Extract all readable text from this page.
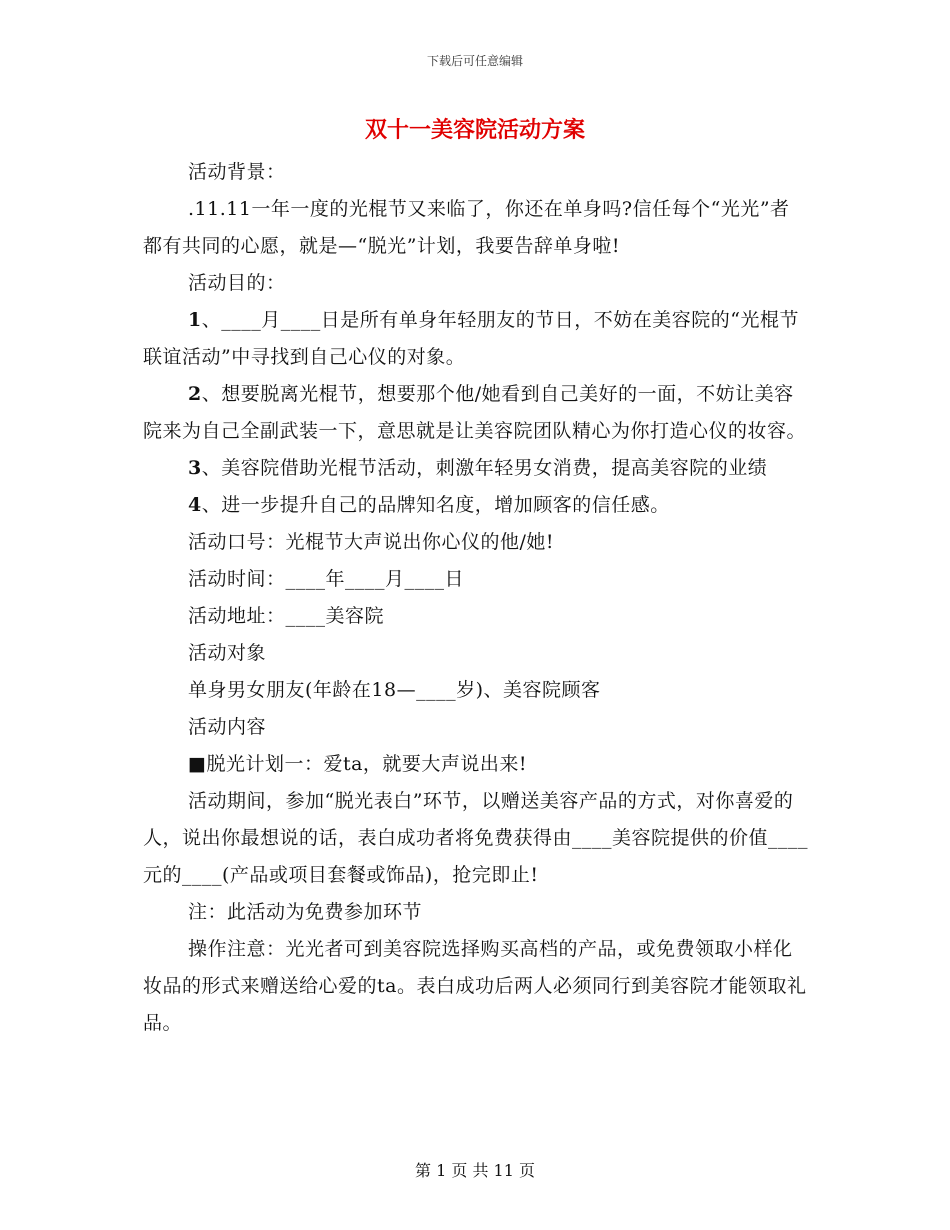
下载后可任意编辑
双十一美容院活动方案

活动背景：

.11.11一年一度的光棍节又来临了，你还在单身吗?信任每个“光光”者都有共同的心愿，就是—“脱光”计划，我要告辞单身啦!

活动目的：

1、____月____日是所有单身年轻朋友的节日，不妨在美容院的“光棍节联谊活动”中寻找到自己心仪的对象。

2、想要脱离光棍节，想要那个他/她看到自己美好的一面，不妨让美容院来为自己全副武装一下，意思就是让美容院团队精心为你打造心仪的妆容。

3、美容院借助光棍节活动，刺激年轻男女消费，提高美容院的业绩

4、进一步提升自己的品牌知名度，增加顾客的信任感。

活动口号：光棍节大声说出你心仪的他/她!

活动时间：____年____月____日

活动地址：____美容院

活动对象

单身男女朋友(年龄在18—____岁)、美容院顾客

活动内容

■脱光计划一：爱ta，就要大声说出来!

活动期间，参加“脱光表白”环节，以赠送美容产品的方式，对你喜爱的人，说出你最想说的话，表白成功者将免费获得由____美容院提供的价值____元的____(产品或项目套餐或饰品)，抢完即止!

注：此活动为免费参加环节

操作注意：光光者可到美容院选择购买高档的产品，或免费领取小样化妆品的形式来赠送给心爱的ta。表白成功后两人必须同行到美容院才能领取礼品。

第 1 页 共 11 页
